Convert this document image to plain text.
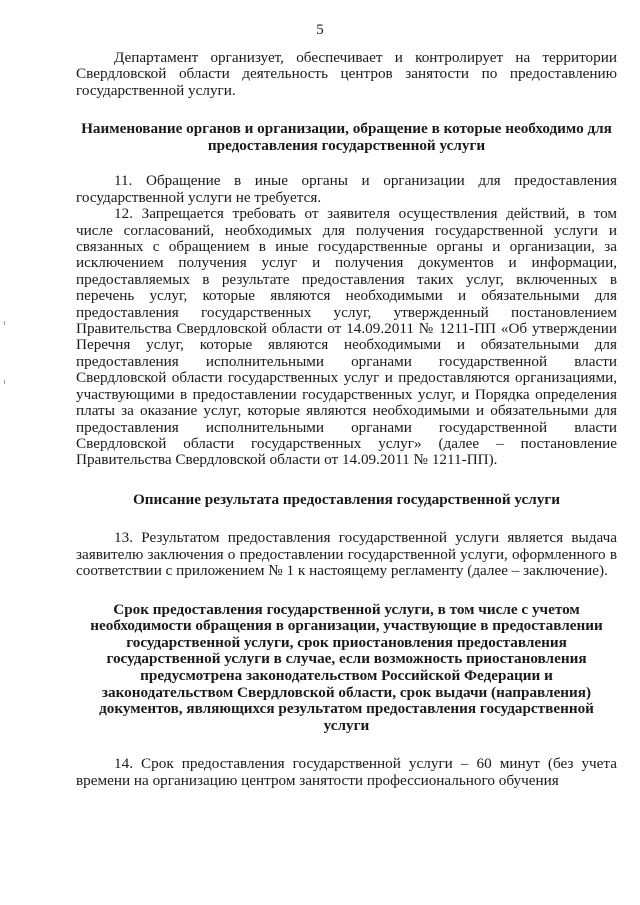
5

Департамент организует, обеспечивает и контролирует на территории Свердловской области деятельность центров занятости по предоставлению государственной услуги.

Наименование органов и организации, обращение в которые необходимо для предоставления государственной услуги

11. Обращение в иные органы и организации для предоставления государственной услуги не требуется.

12. Запрещается требовать от заявителя осуществления действий, в том числе согласований, необходимых для получения государственной услуги и связанных с обращением в иные государственные органы и организации, за исключением получения услуг и получения документов и информации, предоставляемых в результате предоставления таких услуг, включенных в перечень услуг, которые являются необходимыми и обязательными для предоставления государственных услуг, утвержденный постановлением Правительства Свердловской области от 14.09.2011 № 1211-ПП «Об утверждении Перечня услуг, которые являются необходимыми и обязательными для предоставления исполнительными органами государственной власти Свердловской области государственных услуг и предоставляются организациями, участвующими в предоставлении государственных услуг, и Порядка определения платы за оказание услуг, которые являются необходимыми и обязательными для предоставления исполнительными органами государственной власти Свердловской области государственных услуг» (далее – постановление Правительства Свердловской области от 14.09.2011 № 1211-ПП).

Описание результата предоставления государственной услуги

13. Результатом предоставления государственной услуги является выдача заявителю заключения о предоставлении государственной услуги, оформленного в соответствии с приложением № 1 к настоящему регламенту (далее – заключение).

Срок предоставления государственной услуги, в том числе с учетом необходимости обращения в организации, участвующие в предоставлении государственной услуги, срок приостановления предоставления государственной услуги в случае, если возможность приостановления предусмотрена законодательством Российской Федерации и законодательством Свердловской области, срок выдачи (направления) документов, являющихся результатом предоставления государственной услуги

14. Срок предоставления государственной услуги – 60 минут (без учета времени на организацию центром занятости профессионального обучения
